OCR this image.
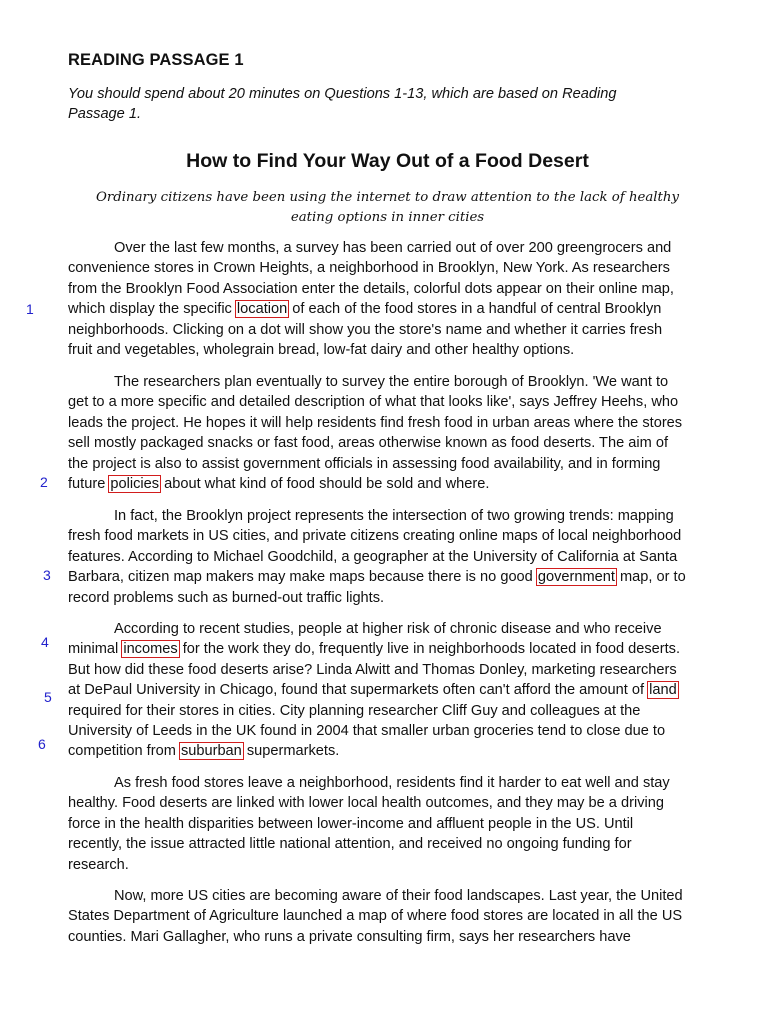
READING PASSAGE 1
You should spend about 20 minutes on Questions 1-13, which are based on Reading
Passage 1.
How to Find Your Way Out of a Food Desert
Ordinary citizens have been using the internet to draw attention to the lack of healthy
eating options in inner cities
Over the last few months, a survey has been carried out of over 200 greengrocers and
convenience stores in Crown Heights, a neighborhood in Brooklyn, New York. As researchers
from the Brooklyn Food Association enter the details, colorful dots appear on their online map,
which display the specific location of each of the food stores in a handful of central Brooklyn
neighborhoods. Clicking on a dot will show you the store's name and whether it carries fresh
fruit and vegetables, wholegrain bread, low-fat dairy and other healthy options.
The researchers plan eventually to survey the entire borough of Brooklyn. 'We want to
get to a more specific and detailed description of what that looks like', says Jeffrey Heehs, who
leads the project. He hopes it will help residents find fresh food in urban areas where the stores
sell mostly packaged snacks or fast food, areas otherwise known as food deserts. The aim of
the project is also to assist government officials in assessing food availability, and in forming
future policies about what kind of food should be sold and where.
In fact, the Brooklyn project represents the intersection of two growing trends: mapping
fresh food markets in US cities, and private citizens creating online maps of local neighborhood
features. According to Michael Goodchild, a geographer at the University of California at Santa
Barbara, citizen map makers may make maps because there is no good government map, or to
record problems such as burned-out traffic lights.
According to recent studies, people at higher risk of chronic disease and who receive
minimal incomes for the work they do, frequently live in neighborhoods located in food deserts.
But how did these food deserts arise? Linda Alwitt and Thomas Donley, marketing researchers
at DePaul University in Chicago, found that supermarkets often can't afford the amount of land
required for their stores in cities. City planning researcher Cliff Guy and colleagues at the
University of Leeds in the UK found in 2004 that smaller urban groceries tend to close due to
competition from suburban supermarkets.
As fresh food stores leave a neighborhood, residents find it harder to eat well and stay
healthy. Food deserts are linked with lower local health outcomes, and they may be a driving
force in the health disparities between lower-income and affluent people in the US. Until
recently, the issue attracted little national attention, and received no ongoing funding for
research.
Now, more US cities are becoming aware of their food landscapes. Last year, the United
States Department of Agriculture launched a map of where food stores are located in all the US
counties. Mari Gallagher, who runs a private consulting firm, says her researchers have
1
2
3
4
5
6
